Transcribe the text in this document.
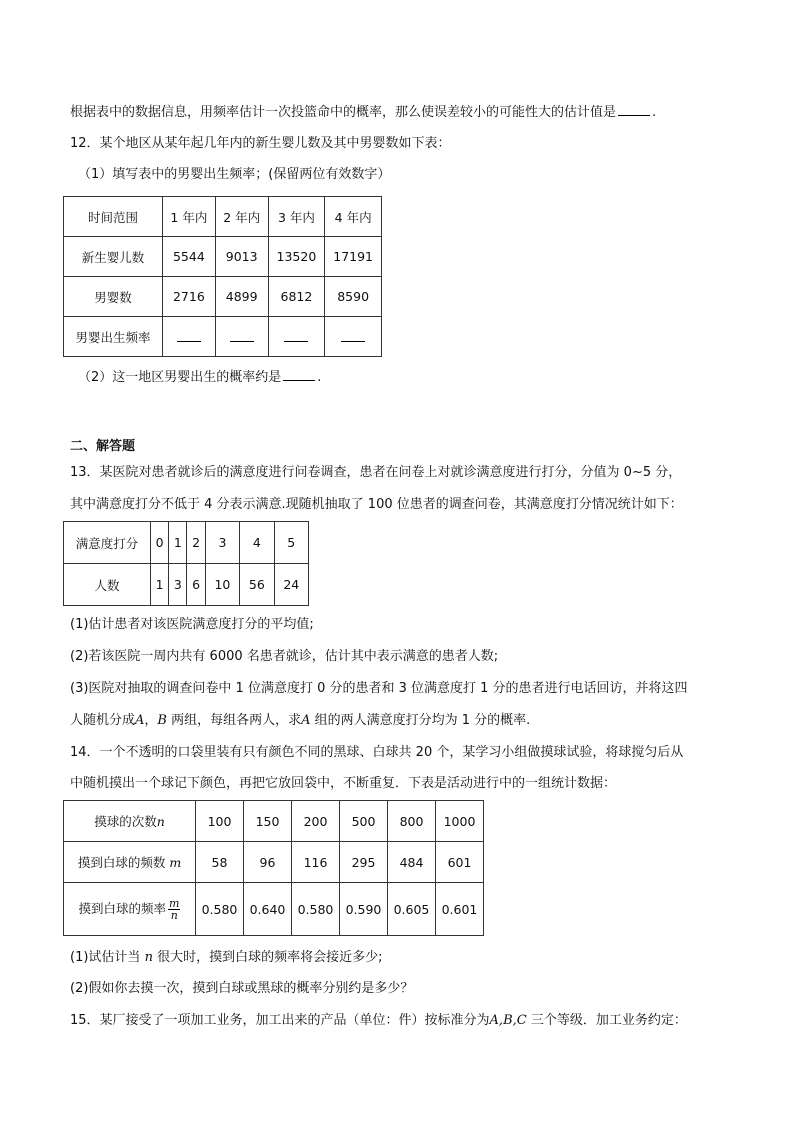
根据表中的数据信息，用频率估计一次投篮命中的概率，那么使误差较小的可能性大的估计值是	.
12．某个地区从某年起几年内的新生婴儿数及其中男婴数如下表：
（1）填写表中的男婴出生频率；(保留两位有效数字）
时间范围	1 年内	2 年内	3 年内	4 年内
新生婴儿数	5544	9013	13520	17191
男婴数	2716	4899	6812	8590
男婴出生频率				
（2）这一地区男婴出生的概率约是	.
二、解答题
13．某医院对患者就诊后的满意度进行问卷调查，患者在问卷上对就诊满意度进行打分，分值为 0~5 分，
其中满意度打分不低于 4 分表示满意.现随机抽取了 100 位患者的调查问卷，其满意度打分情况统计如下：
满意度打分	0	1	2	3	4	5
人数	1	3	6	10	56	24
(1)估计患者对该医院满意度打分的平均值;
(2)若该医院一周内共有 6000 名患者就诊，估计其中表示满意的患者人数;
(3)医院对抽取的调查问卷中 1 位满意度打 0 分的患者和 3 位满意度打 1 分的患者进行电话回访，并将这四
人随机分成A，B 两组，每组各两人，求A 组的两人满意度打分均为 1 分的概率.
14．一个不透明的口袋里装有只有颜色不同的黑球、白球共 20 个，某学习小组做摸球试验，将球搅匀后从
中随机摸出一个球记下颜色，再把它放回袋中，不断重复．下表是活动进行中的一组统计数据：
摸球的次数n	100	150	200	500	800	1000
摸到白球的频数 m	58	96	116	295	484	601
摸到白球的频率 $\frac{m}{n}$	0.580	0.640	0.580	0.590	0.605	0.601
(1)试估计当 n 很大时，摸到白球的频率将会接近多少;
(2)假如你去摸一次，摸到白球或黑球的概率分别约是多少？
15．某厂接受了一项加工业务，加工出来的产品（单位：件）按标准分为A,B,C 三个等级．加工业务约定：
